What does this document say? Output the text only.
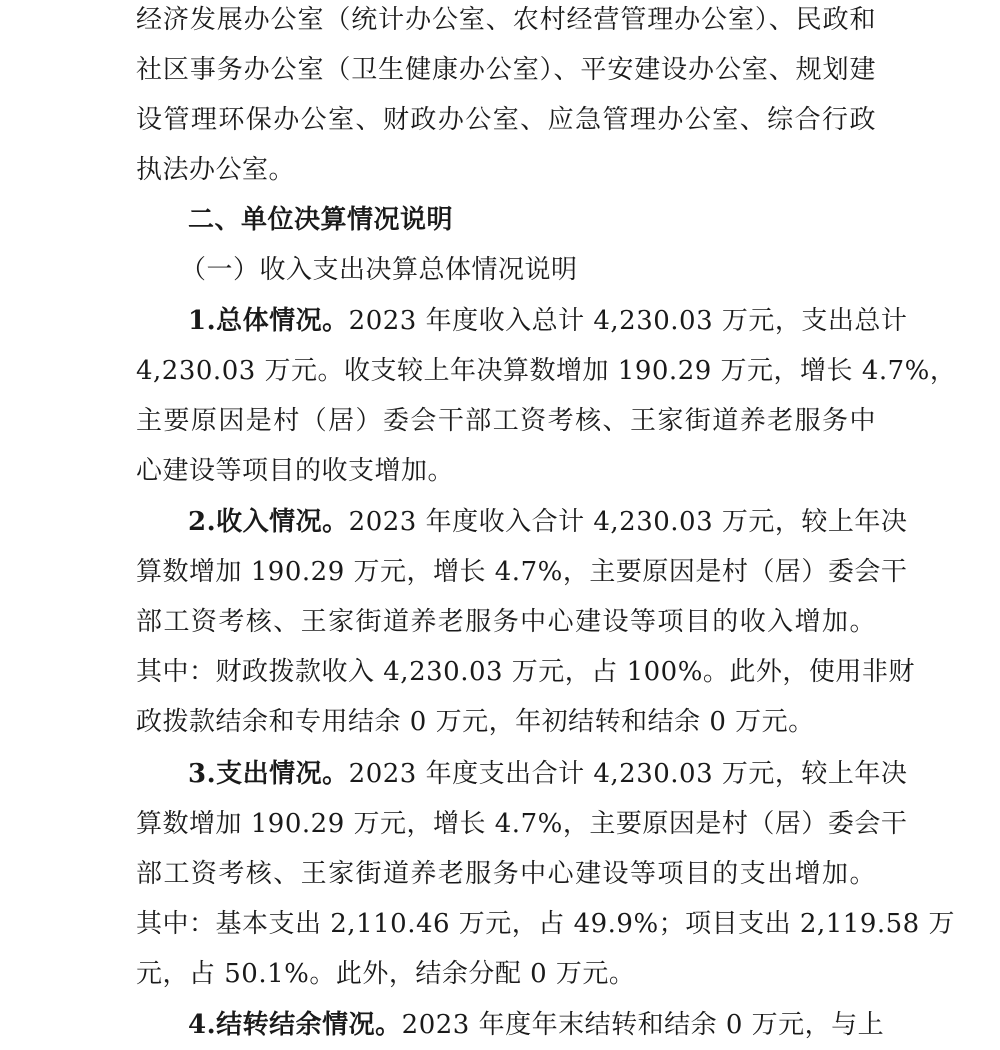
经济发展办公室（统计办公室、农村经营管理办公室）、民政和
社区事务办公室（卫生健康办公室）、平安建设办公室、规划建
设管理环保办公室、财政办公室、应急管理办公室、综合行政
执法办公室。
二、单位决算情况说明
（一）收入支出决算总体情况说明
1.总体情况。2023 年度收入总计 4,230.03 万元，支出总计
4,230.03 万元。收支较上年决算数增加 190.29 万元，增长 4.7%，
主要原因是村（居）委会干部工资考核、王家街道养老服务中
心建设等项目的收支增加。
2.收入情况。2023 年度收入合计 4,230.03 万元，较上年决
算数增加 190.29 万元，增长 4.7%，主要原因是村（居）委会干
部工资考核、王家街道养老服务中心建设等项目的收入增加。
其中：财政拨款收入 4,230.03 万元，占 100%。此外，使用非财
政拨款结余和专用结余 0 万元，年初结转和结余 0 万元。
3.支出情况。2023 年度支出合计 4,230.03 万元，较上年决
算数增加 190.29 万元，增长 4.7%，主要原因是村（居）委会干
部工资考核、王家街道养老服务中心建设等项目的支出增加。
其中：基本支出 2,110.46 万元，占 49.9%；项目支出 2,119.58 万
元，占 50.1%。此外，结余分配 0 万元。
4.结转结余情况。2023 年度年末结转和结余 0 万元，与上
